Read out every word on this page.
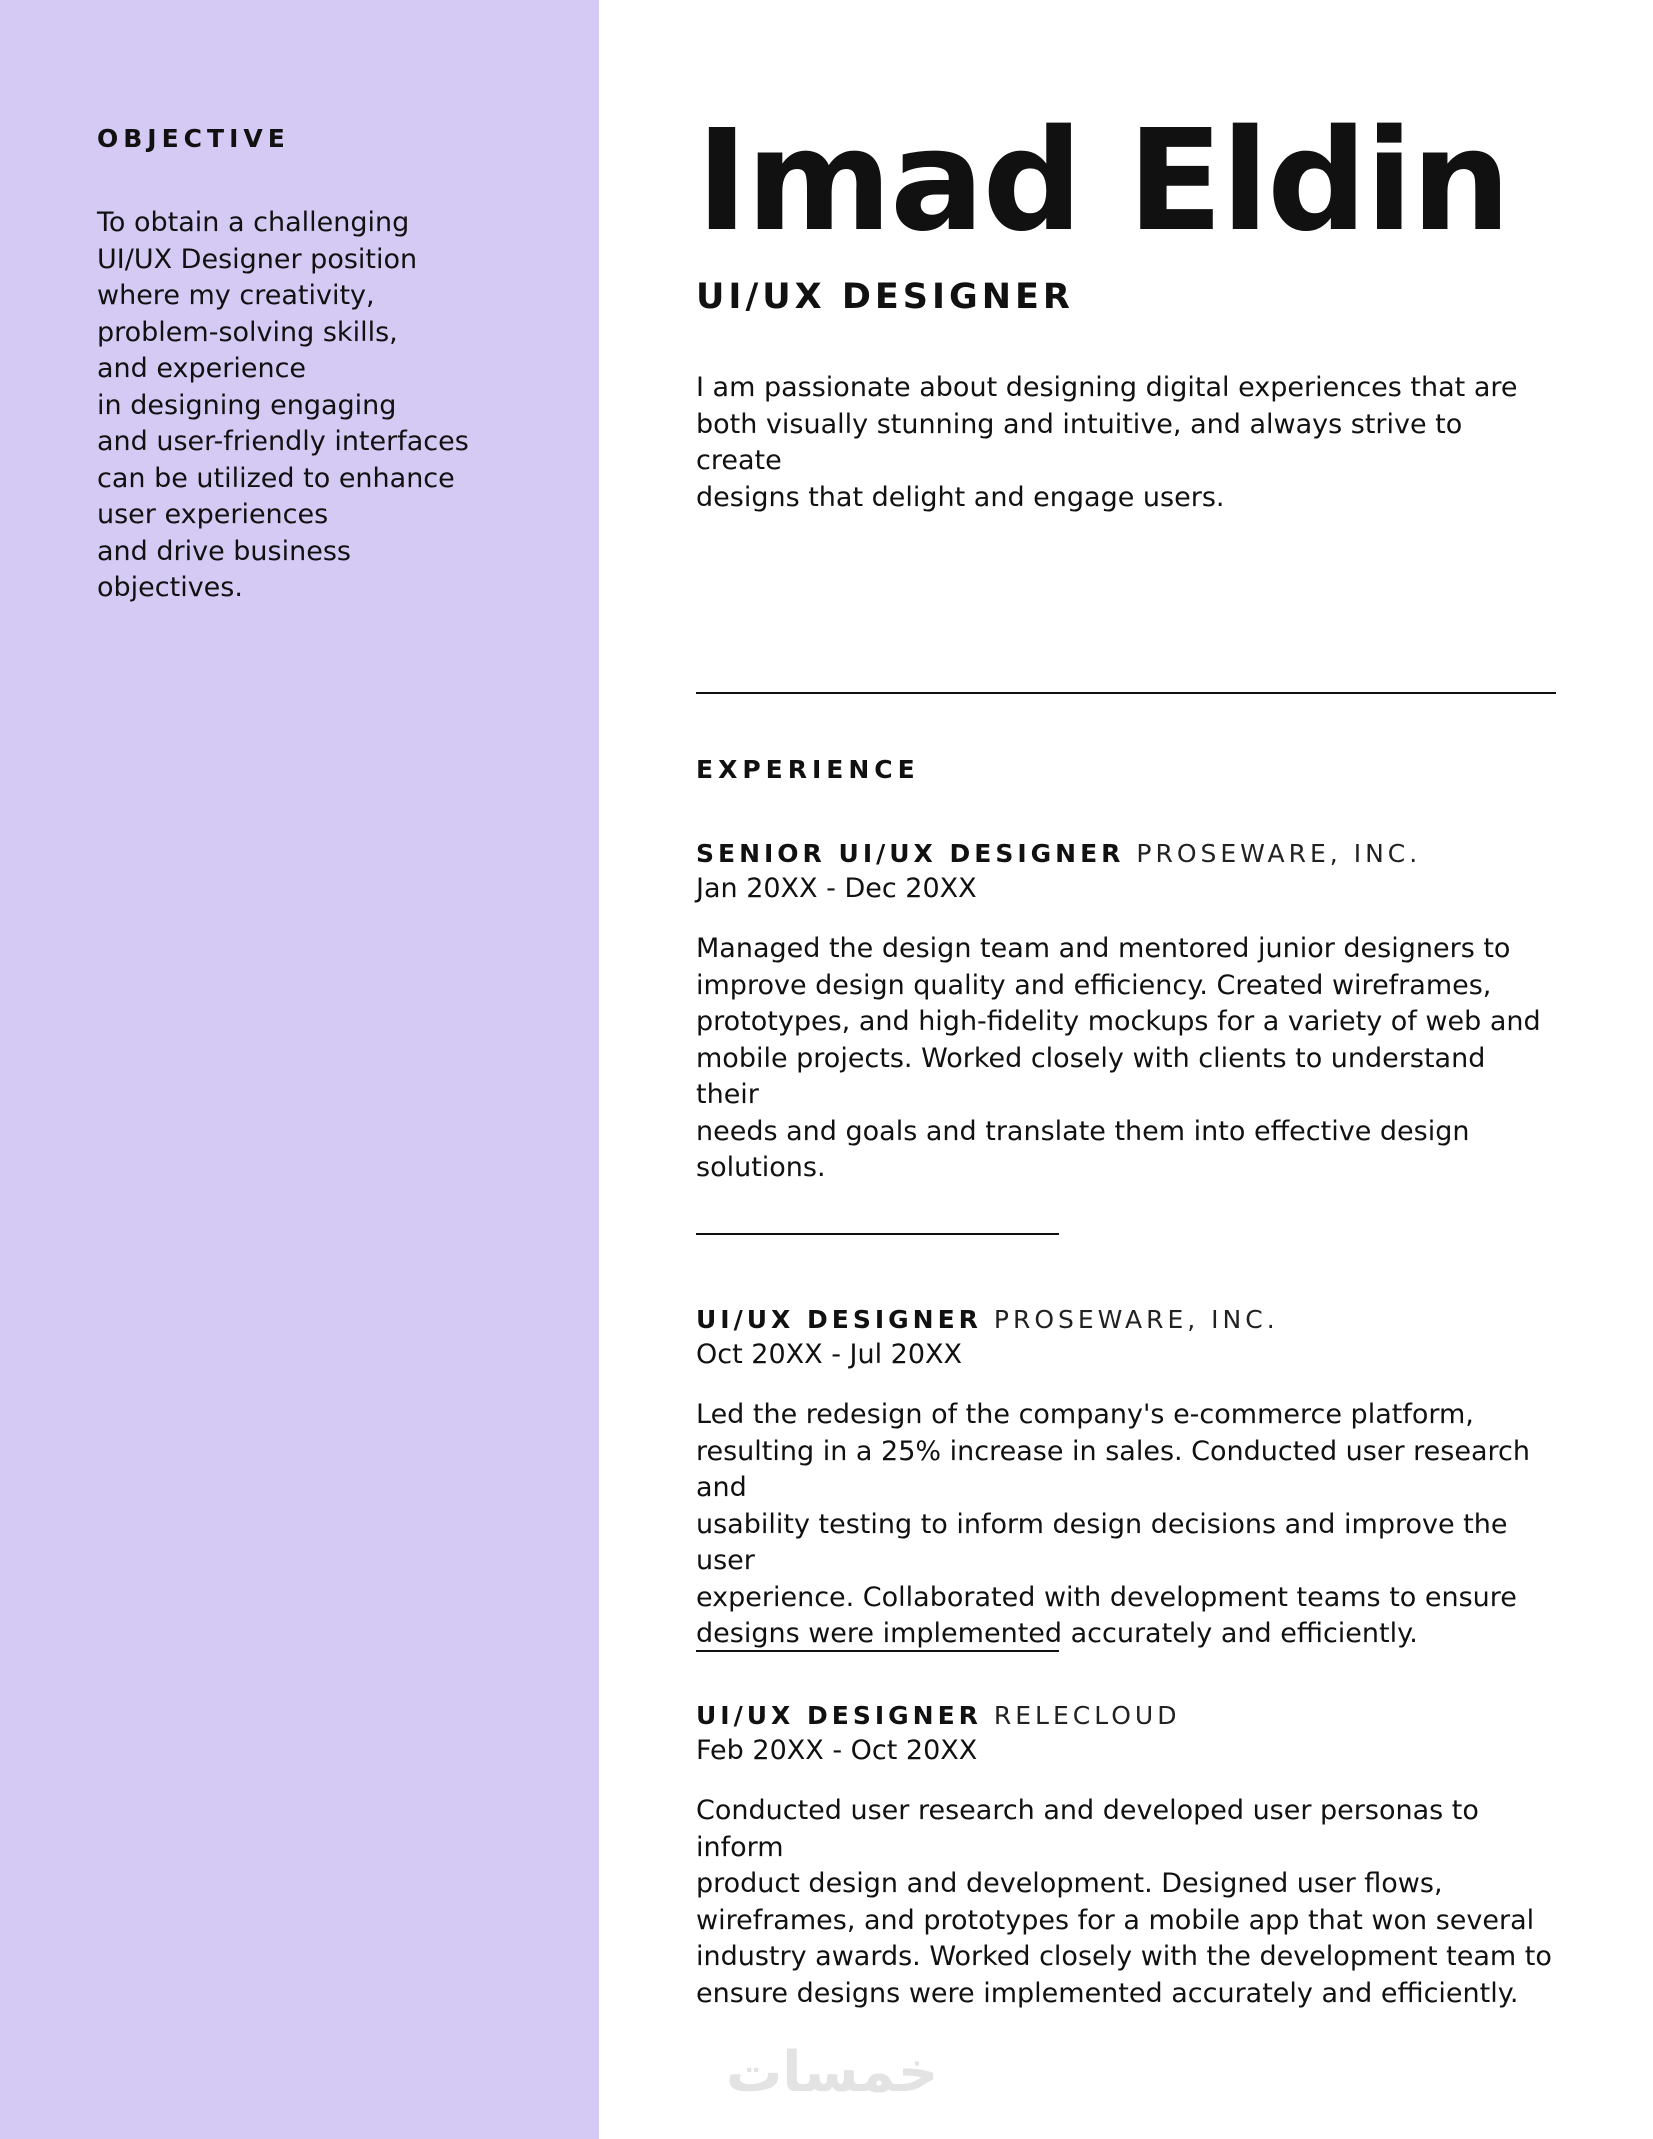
OBJECTIVE

To obtain a challenging
UI/UX Designer position
where my creativity,
problem-solving skills,
and experience
in designing engaging
and user-friendly interfaces
can be utilized to enhance
user experiences
and drive business
objectives.

Imad Eldin
UI/UX DESIGNER

I am passionate about designing digital experiences that are
both visually stunning and intuitive, and always strive to create
designs that delight and engage users.

EXPERIENCE

SENIOR UI/UX DESIGNER PROSEWARE, INC.

Jan 20XX - Dec 20XX

Managed the design team and mentored junior designers to
improve design quality and efficiency. Created wireframes,
prototypes, and high-fidelity mockups for a variety of web and
mobile projects. Worked closely with clients to understand their
needs and goals and translate them into effective design
solutions.

UI/UX DESIGNER PROSEWARE, INC.

Oct 20XX - Jul 20XX

Led the redesign of the company's e-commerce platform,
resulting in a 25% increase in sales. Conducted user research and
usability testing to inform design decisions and improve the user
experience. Collaborated with development teams to ensure
designs were implemented accurately and efficiently.

UI/UX DESIGNER RELECLOUD

Feb 20XX - Oct 20XX

Conducted user research and developed user personas to inform
product design and development. Designed user flows,
wireframes, and prototypes for a mobile app that won several
industry awards. Worked closely with the development team to
ensure designs were implemented accurately and efficiently.

خمسات
